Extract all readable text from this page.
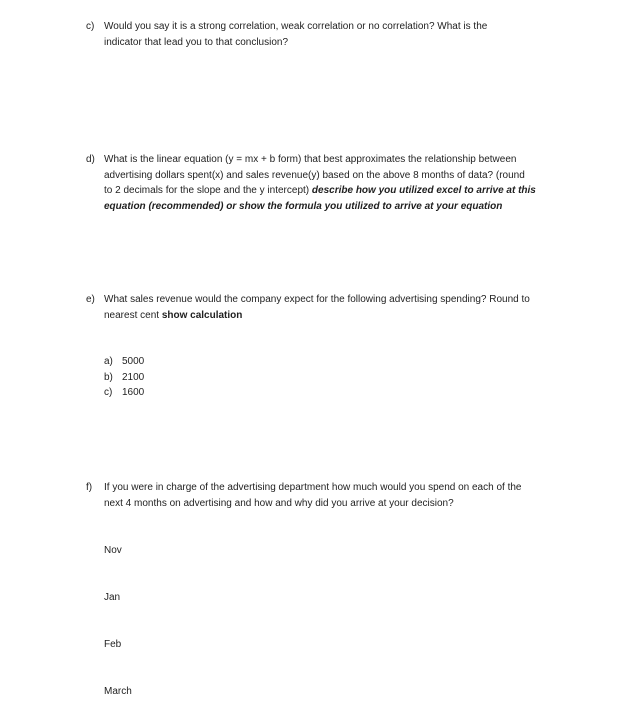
c) Would you say it is a strong correlation, weak correlation or no correlation? What is the
indicator that lead you to that conclusion?
d) What is the linear equation (y = mx + b form) that best approximates the relationship between
advertising dollars spent(x) and sales revenue(y) based on the above 8 months of data? (round
to 2 decimals for the slope and the y intercept) describe how you utilized excel to arrive at this
equation (recommended) or show the formula you utilized to arrive at your equation
e) What sales revenue would the company expect for the following advertising spending? Round to
nearest cent show calculation
a) 5000
b) 2100
c) 1600
f)	If you were in charge of the advertising department how much would you spend on each of the
next 4 months on advertising and how and why did you arrive at your decision?
Nov
Jan
Feb
March
